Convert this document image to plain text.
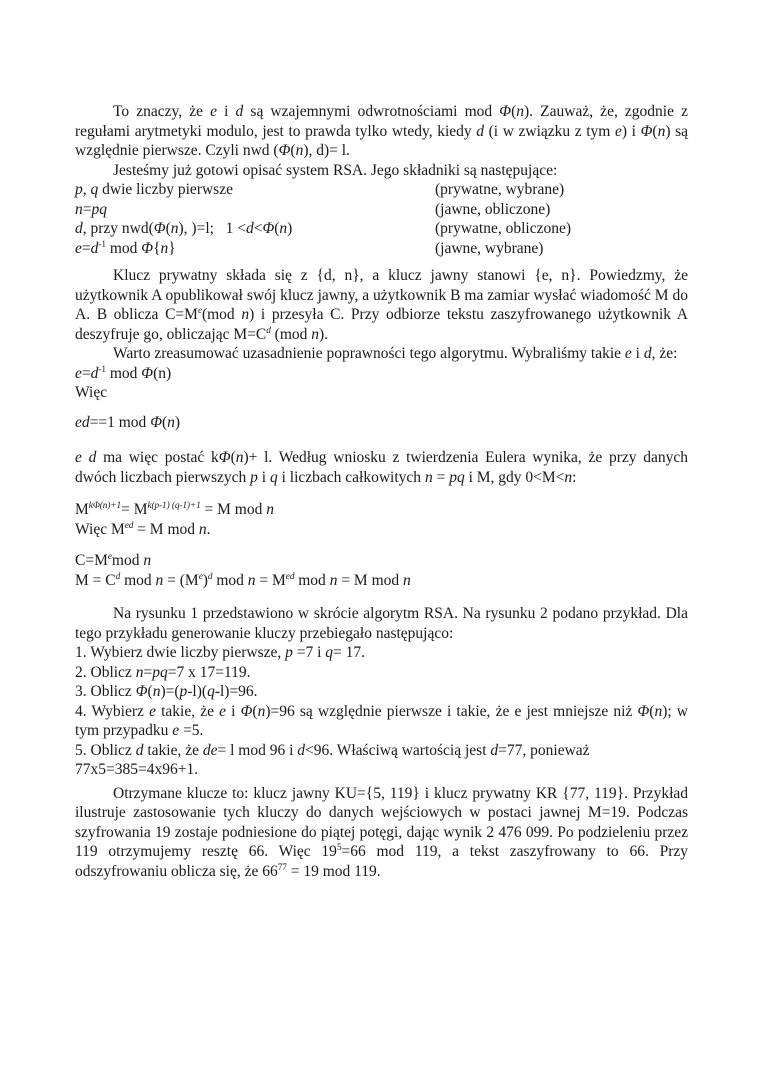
To znaczy, że e i d są wzajemnymi odwrotnościami mod Φ(n). Zauważ, że, zgodnie z regułami arytmetyki modulo, jest to prawda tylko wtedy, kiedy d (i w związku z tym e) i Φ(n) są względnie pierwsze. Czyli nwd (Φ(n), d)= l.
Jesteśmy już gotowi opisać system RSA. Jego składniki są następujące:
p, q dwie liczby pierwsze	(prywatne, wybrane)
n=pq	(jawne, obliczone)
d, przy nwd(Φ(n), )=l;   1 <d<Φ(n)	(prywatne, obliczone)
$e=d^{-1}$ mod Φ{n}	(jawne, wybrane)
Klucz prywatny składa się z {d, n}, a klucz jawny stanowi {e, n}. Powiedzmy, że użytkownik A opublikował swój klucz jawny, a użytkownik B ma zamiar wysłać wiadomość M do A. B oblicza $C=M^e(mod$ n) i przesyła C. Przy odbiorze tekstu zaszyfrowanego użytkownik A deszyfruje go, obliczając $M=C^d$ (mod n).
Warto zreasumować uzasadnienie poprawności tego algorytmu. Wybraliśmy takie e i d, że:
$e=d^{-1}$ mod Φ(n)
Więc
ed==1 mod Φ(n)
e d ma więc postać kΦ(n)+ l. Według wniosku z twierdzenia Eulera wynika, że przy danych dwóch liczbach pierwszych p i q i liczbach całkowitych n = pq i M, gdy 0<M<n:
$M^{k\Phi(n)+1}= M^{k(p-1) (q-1)+1} = M$ mod n
Więc $M^{ed} = M$ mod n.
$C=M^emod$ n
$M = C^d$ mod $n = (M^e)^d$ mod $n = M^{ed}$ mod n = M mod n
Na rysunku 1 przedstawiono w skrócie algorytm RSA. Na rysunku 2 podano przykład. Dla tego przykładu generowanie kluczy przebiegało następująco:
1. Wybierz dwie liczby pierwsze, p =7 i q= 17.
2. Oblicz n=pq=7 x 17=119.
3. Oblicz Φ(n)=(p-l)(q-l)=96.
4. Wybierz e takie, że e i Φ(n)=96 są względnie pierwsze i takie, że e jest mniejsze niż Φ(n); w tym przypadku e =5.
5. Oblicz d takie, że de= l mod 96 i d<96. Właściwą wartością jest d=77, ponieważ
77x5=385=4x96+1.
Otrzymane klucze to: klucz jawny KU={5, 119} i klucz prywatny KR {77, 119}. Przykład ilustruje zastosowanie tych kluczy do danych wejściowych w postaci jawnej M=19. Podczas szyfrowania 19 zostaje podniesione do piątej potęgi, dając wynik 2 476 099. Po podzieleniu przez 119 otrzymujemy resztę 66. Więc $19^5=66$ mod 119, a tekst zaszyfrowany to 66. Przy odszyfrowaniu oblicza się, że $66^{77} = 19$ mod 119.
